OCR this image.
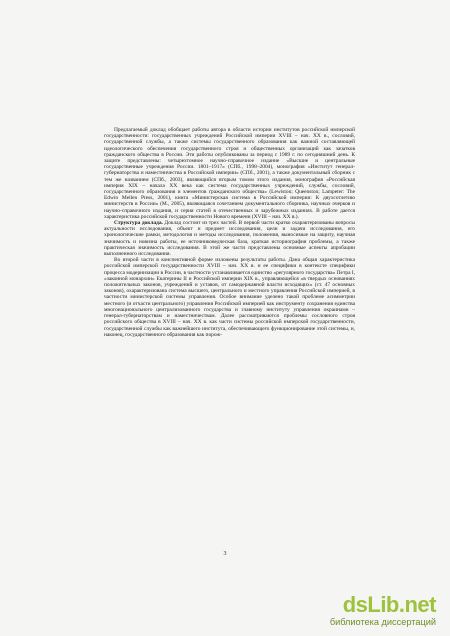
Предлагаемый доклад обобщает работы автора в области истории институтов российской имперской государственности: государственных учреждений Российской империи XVIII – нач. XX в., сословий, государственной службы, а также системы государственного образования как важной составляющей идеологического обеспечения государственного строя и общественных организаций как зачатков гражданского общества в России. Эти работы опубликованы за период с 1989 г. по сегодняшний день. К защите представлены: четырехтомное научно-справочное издание «Высшие и центральные государственные учреждения России. 1801–1917» (СПб., 1998–2004), монография «Институт генерал-губернаторства и наместничества в Российской империи» (СПб., 2001), а также документальный сборник с тем же названием (СПб., 2003), являющийся вторым томом этого издания, монография «Российская империя XIX – начала XX века как система государственных учреждений, службы, сословий, государственного образования и элементов гражданского общества» (Lewiston; Queenston; Lampeter: The Edwin Mellen Press, 2001), книга «Министерская система в Российской империи: К двухсотлетию министерств в России» (М., 2005), являющаяся сочетанием документального сборника, научных очерков и научно-справочного издания, и серия статей в отечественных и зарубежных изданиях. В работе дается характеристика российской государственности Нового времени (XVIII – нач. XX в.).

Структура доклада. Доклад состоит из трех частей. В первой части кратко охарактеризованы вопросы актуальности исследования, объект и предмет исследования, цели и задачи исследования, его хронологические рамки, методология и методы исследования, положения, выносимые на защиту, научная значимость и новизна работы, ее источниковедческая база, краткая историография проблемы, а также практическая значимость исследования. В этой же части представлены основные аспекты апробации выполненного исследования.

Во второй части в конспективной форме изложены результаты работы. Дана общая характеристика российской имперской государственности XVIII – нач. XX в. и ее специфики в контексте специфики процесса модернизации в России, в частности устанавливается единство «регулярного государства» Петра I, «законной монархии» Екатерины II и Российской империи XIX в., управляющейся «в твердых основаниях положительных законов, учреждений и уставов, от самодержавной власти исходящих» (ст. 47 основных законов), охарактеризована система высшего, центрального и местного управления Российской империей, в частности министерской системы управления. Особое внимание уделено такой проблеме асимметрии местного (и отчасти центрального) управления Российской империей как инструменту сохранения единства многонационального централизованного государства и главному институту управления окраинами – генерал-губернаторствам и наместничествам. Далее рассматриваются проблемы сословного строя российского общества в XVIII – нач. XX в. как части системы российской имперской государственности, государственной службы как важнейшего института, обеспечивающего функционирование этой системы, и, наконец, государственного образования как порож-

3
dsLib.net
библиотека диссертаций
